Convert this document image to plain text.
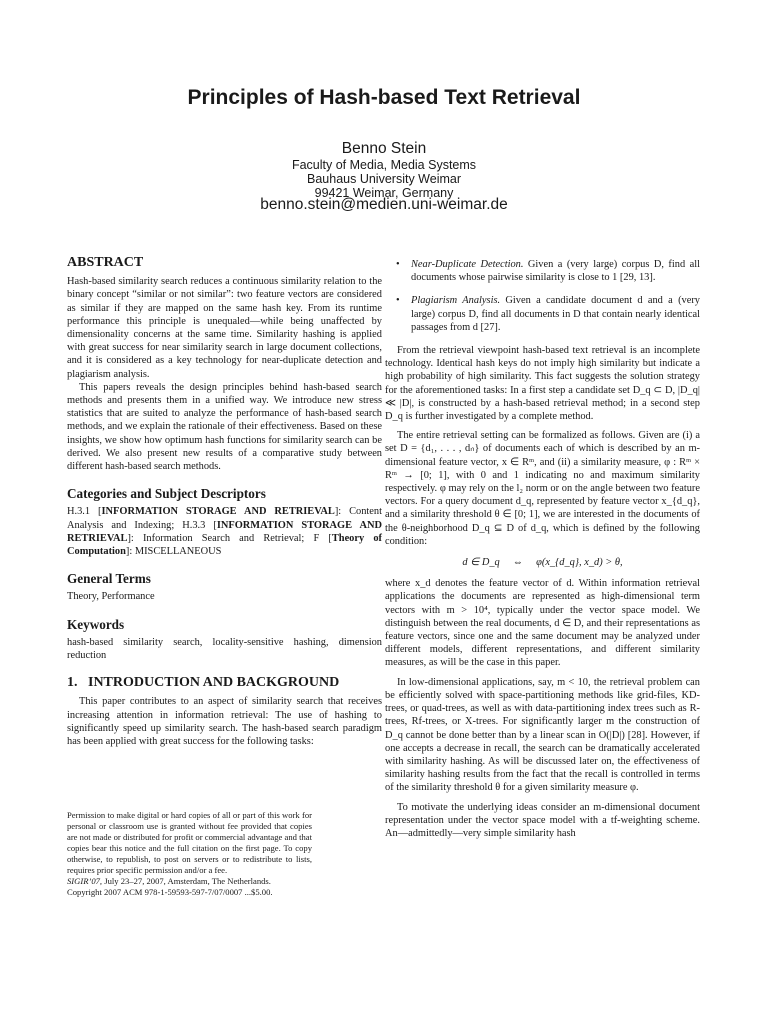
Principles of Hash-based Text Retrieval
Benno Stein
Faculty of Media, Media Systems
Bauhaus University Weimar
99421 Weimar, Germany
benno.stein@medien.uni-weimar.de
ABSTRACT

Hash-based similarity search reduces a continuous similarity relation to the binary concept “similar or not similar”: two feature vectors are considered as similar if they are mapped on the same hash key. From its runtime performance this principle is unequaled—while being unaffected by dimensionality concerns at the same time. Similarity hashing is applied with great success for near similarity search in large document collections, and it is considered as a key technology for near-duplicate detection and plagiarism analysis.

This papers reveals the design principles behind hash-based search methods and presents them in a unified way. We introduce new stress statistics that are suited to analyze the performance of hash-based search methods, and we explain the rationale of their effectiveness. Based on these insights, we show how optimum hash functions for similarity search can be derived. We also present new results of a comparative study between different hash-based search methods.

Categories and Subject Descriptors

H.3.1 [INFORMATION STORAGE AND RETRIEVAL]: Content Analysis and Indexing; H.3.3 [INFORMATION STORAGE AND RETRIEVAL]: Information Search and Retrieval; F [Theory of Computation]: MISCELLANEOUS

General Terms

Theory, Performance

Keywords

hash-based similarity search, locality-sensitive hashing, dimension reduction

1.   INTRODUCTION AND BACKGROUND

This paper contributes to an aspect of similarity search that receives increasing attention in information retrieval: The use of hashing to significantly speed up similarity search. The hash-based search paradigm has been applied with great success for the following tasks:

Permission to make digital or hard copies of all or part of this work for personal or classroom use is granted without fee provided that copies are not made or distributed for profit or commercial advantage and that copies bear this notice and the full citation on the first page. To copy otherwise, to republish, to post on servers or to redistribute to lists, requires prior specific permission and/or a fee.

SIGIR’07, July 23–27, 2007, Amsterdam, The Netherlands.

Copyright 2007 ACM 978-1-59593-597-7/07/0007 ...$5.00.

• Near-Duplicate Detection. Given a (very large) corpus D, find all documents whose pairwise similarity is close to 1 [29, 13].
• Plagiarism Analysis. Given a candidate document d and a (very large) corpus D, find all documents in D that contain nearly identical passages from d [27].

From the retrieval viewpoint hash-based text retrieval is an incomplete technology. Identical hash keys do not imply high similarity but indicate a high probability of high similarity. This fact suggests the solution strategy for the aforementioned tasks: In a first step a candidate set D_q ⊂ D, |D_q| ≪ |D|, is constructed by a hash-based retrieval method; in a second step D_q is further investigated by a complete method.

The entire retrieval setting can be formalized as follows. Given are (i) a set D = {d₁, . . . , dₙ} of documents each of which is described by an m-dimensional feature vector, x ∈ Rᵐ, and (ii) a similarity measure, φ : Rᵐ × Rᵐ → [0; 1], with 0 and 1 indicating no and maximum similarity respectively. φ may rely on the l₂ norm or on the angle between two feature vectors. For a query document d_q, represented by feature vector x_{d_q}, and a similarity threshold θ ∈ [0; 1], we are interested in the documents of the θ-neighborhood D_q ⊆ D of d_q, which is defined by the following condition:

d ∈ D_q     ⇔     φ(x_{d_q}, x_d) > θ,

where x_d denotes the feature vector of d. Within information retrieval applications the documents are represented as high-dimensional term vectors with m > 10⁴, typically under the vector space model. We distinguish between the real documents, d ∈ D, and their representations as feature vectors, since one and the same document may be analyzed under different models, different representations, and different similarity measures, as will be the case in this paper.

In low-dimensional applications, say, m < 10, the retrieval problem can be efficiently solved with space-partitioning methods like grid-files, KD-trees, or quad-trees, as well as with data-partitioning index trees such as R-trees, Rf-trees, or X-trees. For significantly larger m the construction of D_q cannot be done better than by a linear scan in O(|D|) [28]. However, if one accepts a decrease in recall, the search can be dramatically accelerated with similarity hashing. As will be discussed later on, the effectiveness of similarity hashing results from the fact that the recall is controlled in terms of the similarity threshold θ for a given similarity measure φ.

To motivate the underlying ideas consider an m-dimensional document representation under the vector space model with a tf-weighting scheme. An—admittedly—very simple similarity hash
